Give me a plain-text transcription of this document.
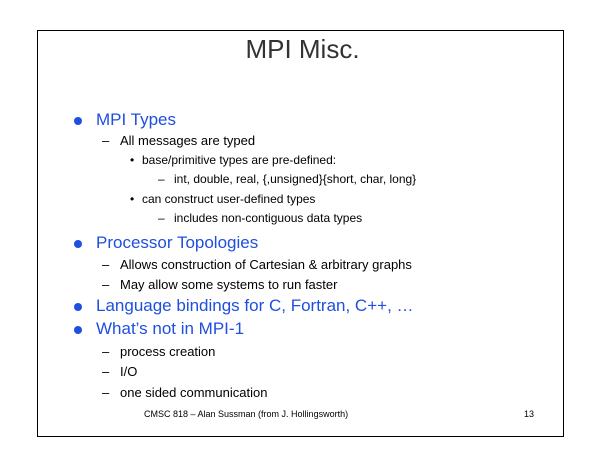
MPI Misc.
MPI Types
– All messages are typed
• base/primitive types are pre-defined:
– int, double, real, {,unsigned}{short, char, long}
• can construct user-defined types
– includes non-contiguous data types
Processor Topologies
– Allows construction of Cartesian & arbitrary graphs
– May allow some systems to run faster
Language bindings for C, Fortran, C++, …
What’s not in MPI-1
– process creation
– I/O
– one sided communication
CMSC 818 – Alan Sussman (from J. Hollingsworth)	13
